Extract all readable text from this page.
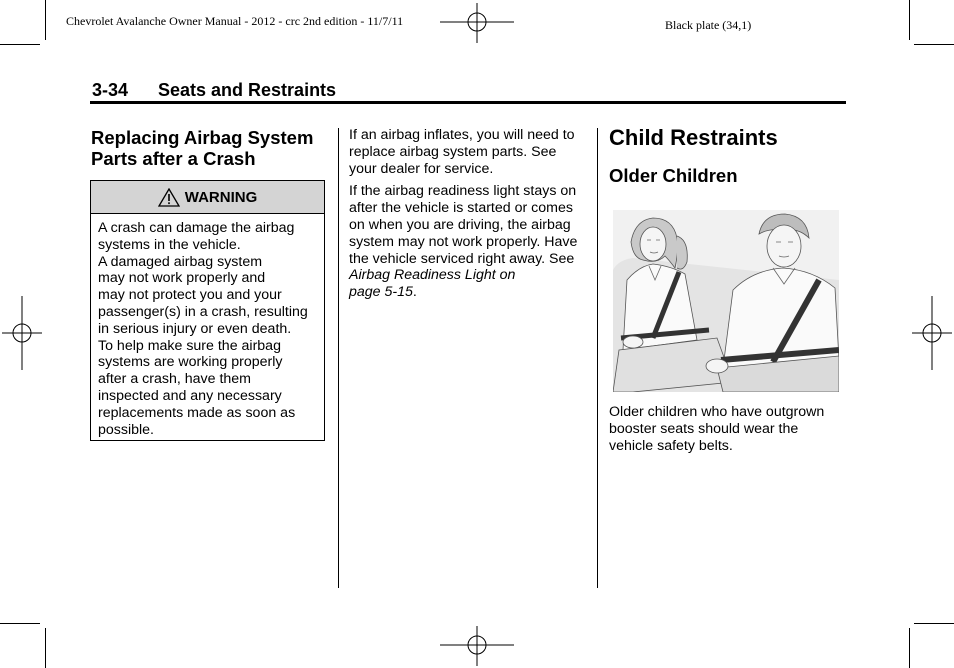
Chevrolet Avalanche Owner Manual - 2012 - crc 2nd edition - 11/7/11	Black plate (34,1)
3-34 Seats and Restraints
Replacing Airbag System
Parts after a Crash
WARNING
A crash can damage the airbag
systems in the vehicle.
A damaged airbag system
may not work properly and
may not protect you and your
passenger(s) in a crash, resulting
in serious injury or even death.
To help make sure the airbag
systems are working properly
after a crash, have them
inspected and any necessary
replacements made as soon as
possible.

If an airbag inflates, you will need to
replace airbag system parts. See
your dealer for service.

If the airbag readiness light stays on
after the vehicle is started or comes
on when you are driving, the airbag
system may not work properly. Have
the vehicle serviced right away. See
Airbag Readiness Light on
page 5-15.

Child Restraints
Older Children
Older children who have outgrown
booster seats should wear the
vehicle safety belts.
